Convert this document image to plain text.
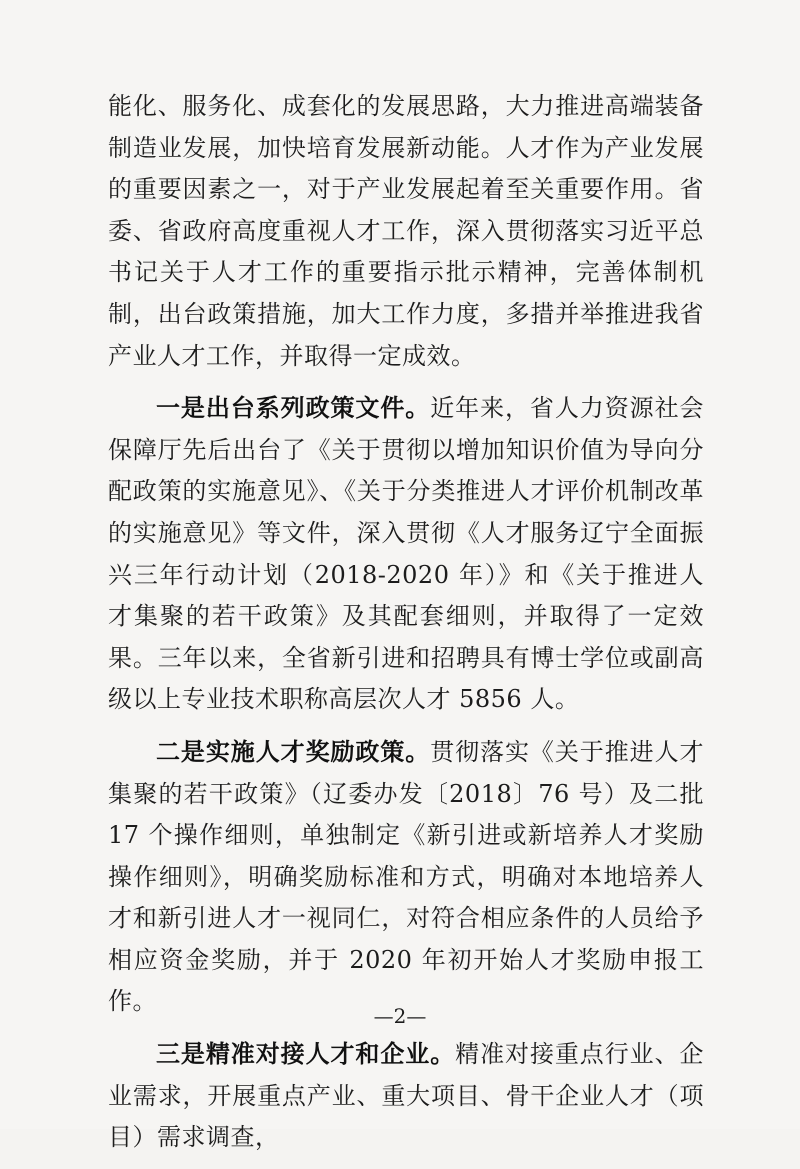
能化、服务化、成套化的发展思路，大力推进高端装备制造业发展，加快培育发展新动能。人才作为产业发展的重要因素之一，对于产业发展起着至关重要作用。省委、省政府高度重视人才工作，深入贯彻落实习近平总书记关于人才工作的重要指示批示精神，完善体制机制，出台政策措施，加大工作力度，多措并举推进我省产业人才工作，并取得一定成效。

一是出台系列政策文件。近年来，省人力资源社会保障厅先后出台了《关于贯彻以增加知识价值为导向分配政策的实施意见》、《关于分类推进人才评价机制改革的实施意见》等文件，深入贯彻《人才服务辽宁全面振兴三年行动计划（2018-2020 年）》和《关于推进人才集聚的若干政策》及其配套细则，并取得了一定效果。三年以来，全省新引进和招聘具有博士学位或副高级以上专业技术职称高层次人才 5856 人。

二是实施人才奖励政策。贯彻落实《关于推进人才集聚的若干政策》（辽委办发〔2018〕76 号）及二批 17 个操作细则，单独制定《新引进或新培养人才奖励操作细则》，明确奖励标准和方式，明确对本地培养人才和新引进人才一视同仁，对符合相应条件的人员给予相应资金奖励，并于 2020 年初开始人才奖励申报工作。

三是精准对接人才和企业。精准对接重点行业、企业需求，开展重点产业、重大项目、骨干企业人才（项目）需求调查，

—2—
